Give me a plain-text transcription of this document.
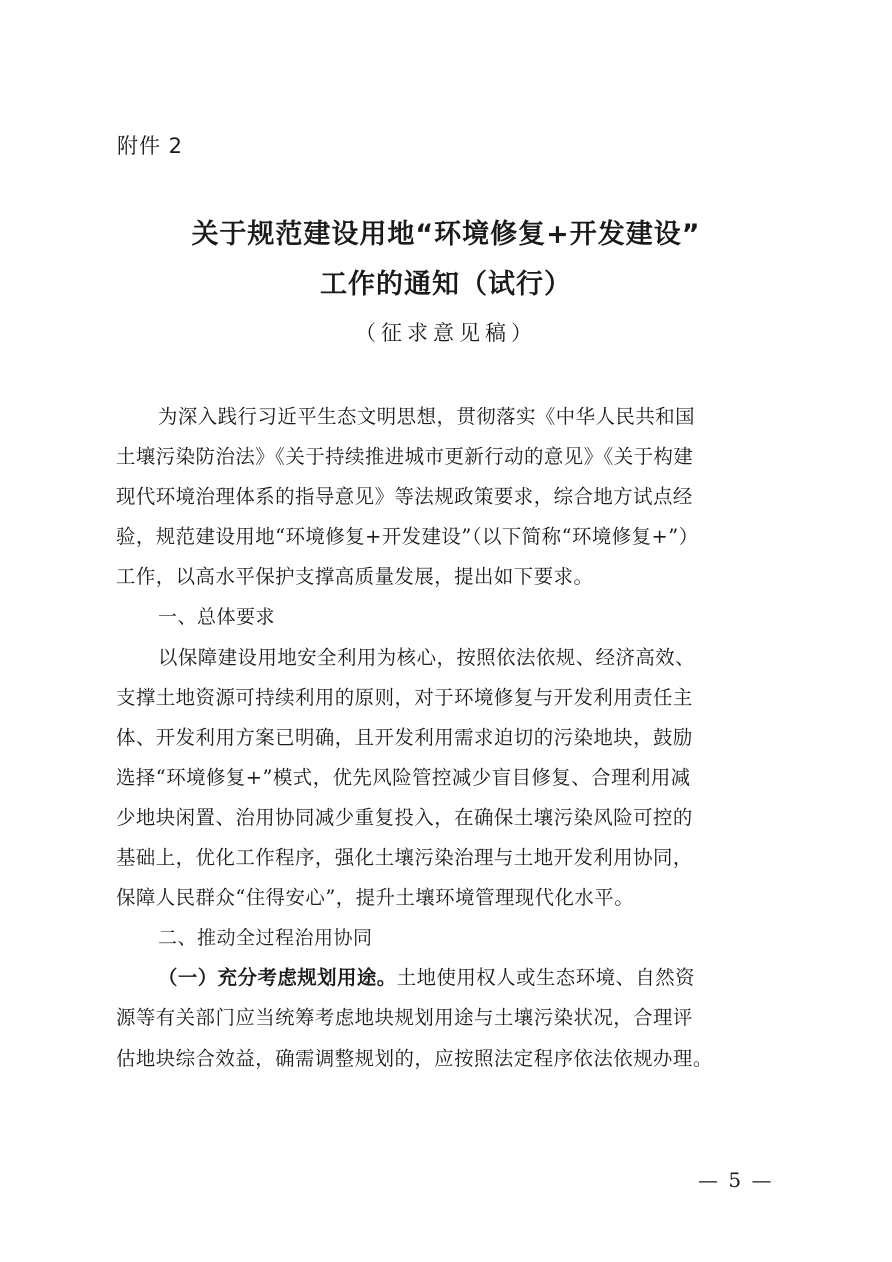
附件 2
关于规范建设用地“环境修复+开发建设”
工作的通知（试行）
（征求意见稿）
为深入践行习近平生态文明思想，贯彻落实《中华人民共和国
土壤污染防治法》《关于持续推进城市更新行动的意见》《关于构建
现代环境治理体系的指导意见》等法规政策要求，综合地方试点经
验，规范建设用地“环境修复+开发建设”（以下简称“环境修复+”）
工作，以高水平保护支撑高质量发展，提出如下要求。
一、总体要求
以保障建设用地安全利用为核心，按照依法依规、经济高效、
支撑土地资源可持续利用的原则，对于环境修复与开发利用责任主
体、开发利用方案已明确，且开发利用需求迫切的污染地块，鼓励
选择“环境修复+”模式，优先风险管控减少盲目修复、合理利用减
少地块闲置、治用协同减少重复投入，在确保土壤污染风险可控的
基础上，优化工作程序，强化土壤污染治理与土地开发利用协同，
保障人民群众“住得安心”，提升土壤环境管理现代化水平。
二、推动全过程治用协同
（一）充分考虑规划用途。土地使用权人或生态环境、自然资
源等有关部门应当统筹考虑地块规划用途与土壤污染状况，合理评
估地块综合效益，确需调整规划的，应按照法定程序依法依规办理。
— 5 —
